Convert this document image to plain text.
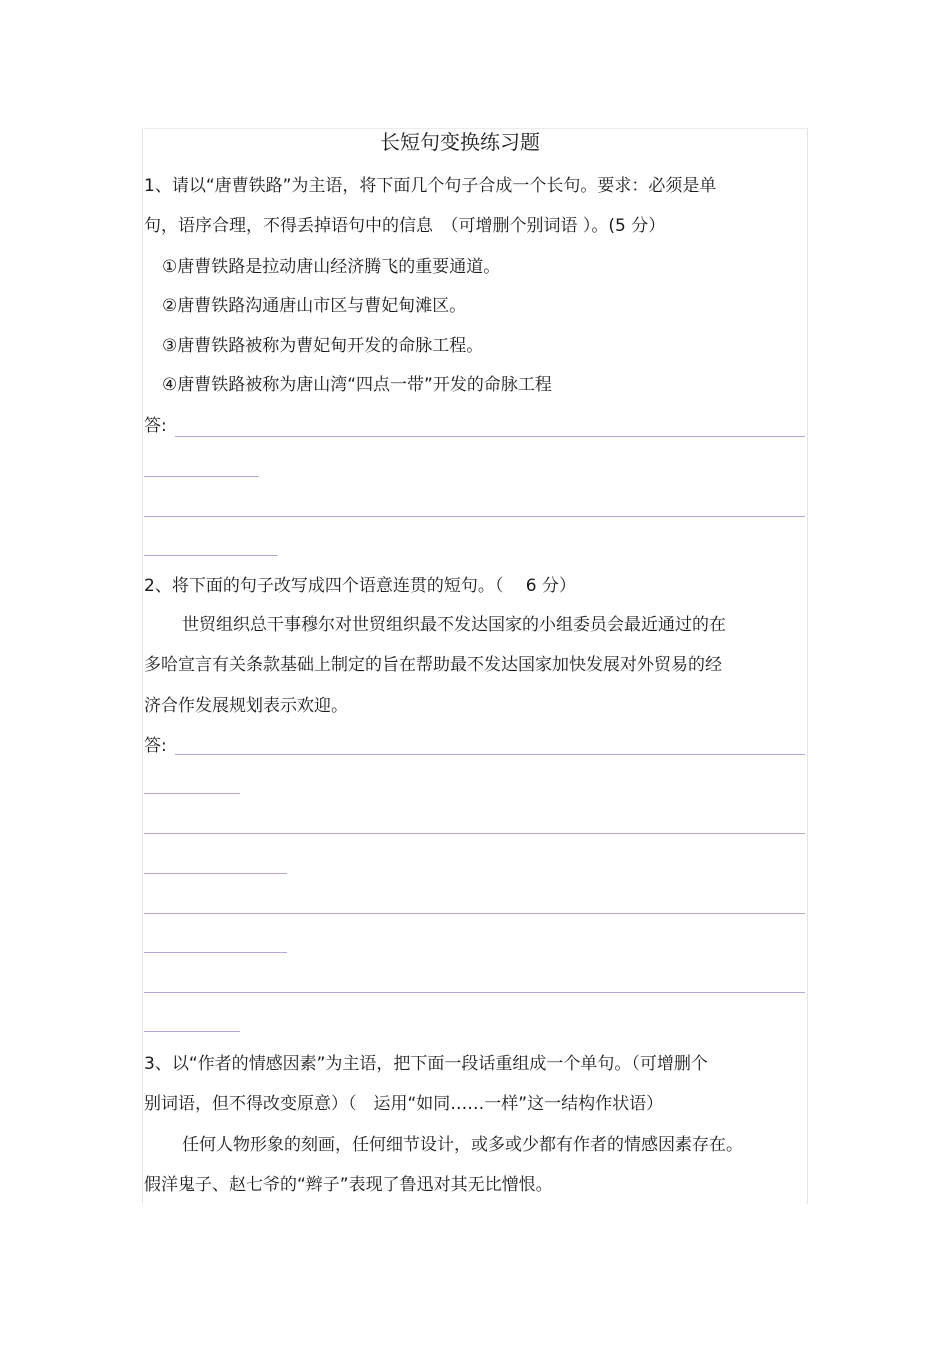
长短句变换练习题
1、请以“唐曹铁路”为主语，将下面几个句子合成一个长句。要求：必须是单
句，语序合理，不得丢掉语句中的信息　（可增删个别词语 ）。(5 分）
①唐曹铁路是拉动唐山经济腾飞的重要通道。
②唐曹铁路沟通唐山市区与曹妃甸滩区。
③唐曹铁路被称为曹妃甸开发的命脉工程。
④唐曹铁路被称为唐山湾“四点一带”开发的命脉工程
答:
2、将下面的句子改写成四个语意连贯的短句。（　 6 分）
世贸组织总干事穆尔对世贸组织最不发达国家的小组委员会最近通过的在
多哈宣言有关条款基础上制定的旨在帮助最不发达国家加快发展对外贸易的经
济合作发展规划表示欢迎。
答:
3、以“作者的情感因素”为主语，把下面一段话重组成一个单句。（可增删个
别词语，但不得改变原意）（　运用“如同……一样”这一结构作状语）
任何人物形象的刻画，任何细节设计，或多或少都有作者的情感因素存在。
假洋鬼子、赵七爷的“辫子”表现了鲁迅对其无比憎恨。
